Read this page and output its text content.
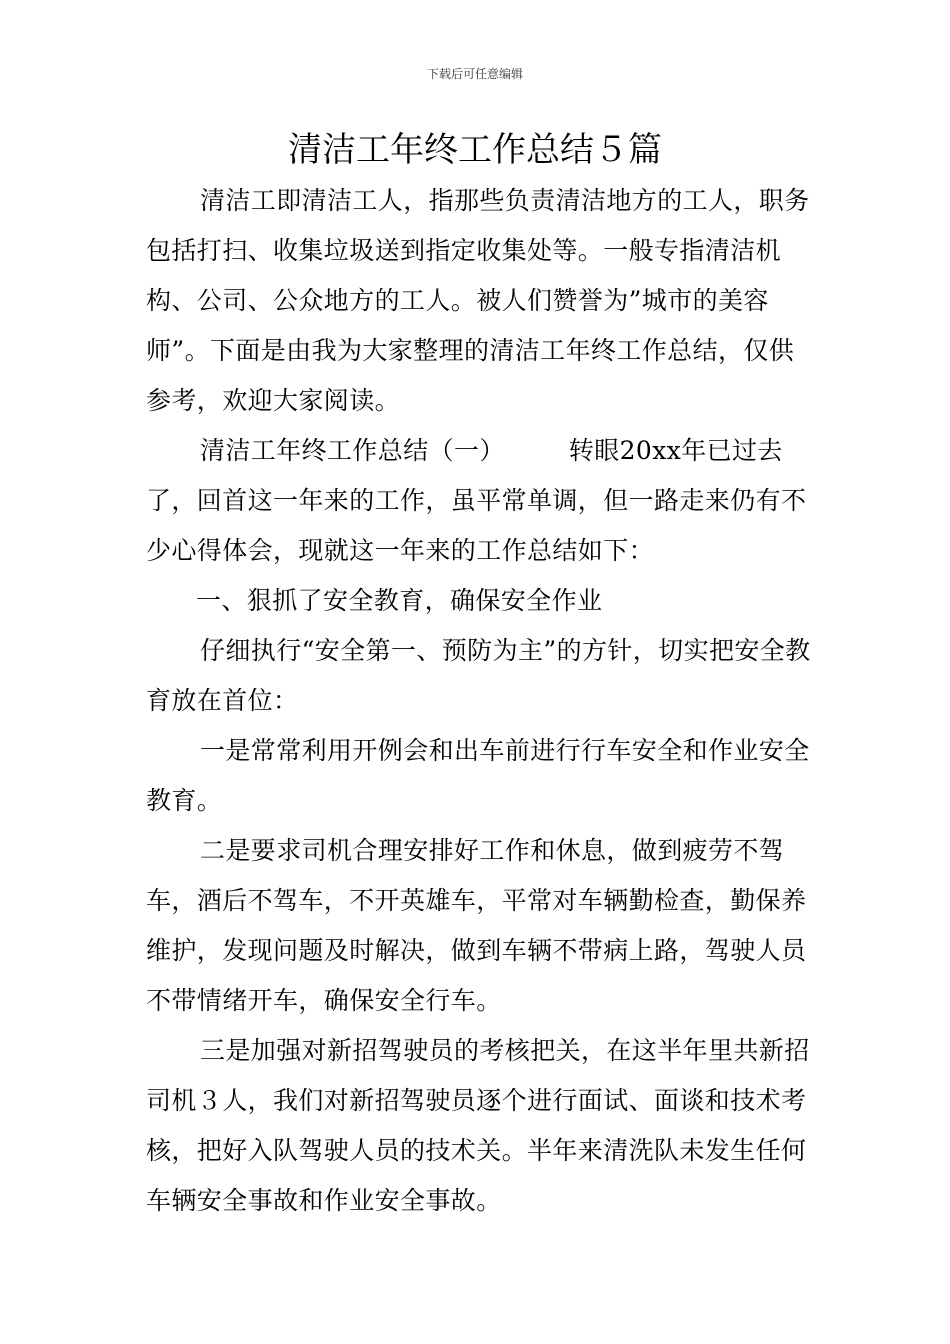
下载后可任意编辑
清洁工年终工作总结５篇

清洁工即清洁工人，指那些负责清洁地方的工人，职务包括打扫、收集垃圾送到指定收集处等。一般专指清洁机构、公司、公众地方的工人。被人们赞誉为”城市的美容师”。下面是由我为大家整理的清洁工年终工作总结，仅供参考，欢迎大家阅读。

清洁工年终工作总结（一）	转眼20xx年已过去了，回首这一年来的工作，虽平常单调，但一路走来仍有不少心得体会，现就这一年来的工作总结如下：

一、狠抓了安全教育，确保安全作业

仔细执行“安全第一、预防为主”的方针，切实把安全教育放在首位：

一是常常利用开例会和出车前进行行车安全和作业安全教育。

二是要求司机合理安排好工作和休息，做到疲劳不驾车，酒后不驾车，不开英雄车，平常对车辆勤检查，勤保养维护，发现问题及时解决，做到车辆不带病上路，驾驶人员不带情绪开车，确保安全行车。

三是加强对新招驾驶员的考核把关，在这半年里共新招司机３人，我们对新招驾驶员逐个进行面试、面谈和技术考核，把好入队驾驶人员的技术关。半年来清洗队未发生任何车辆安全事故和作业安全事故。
